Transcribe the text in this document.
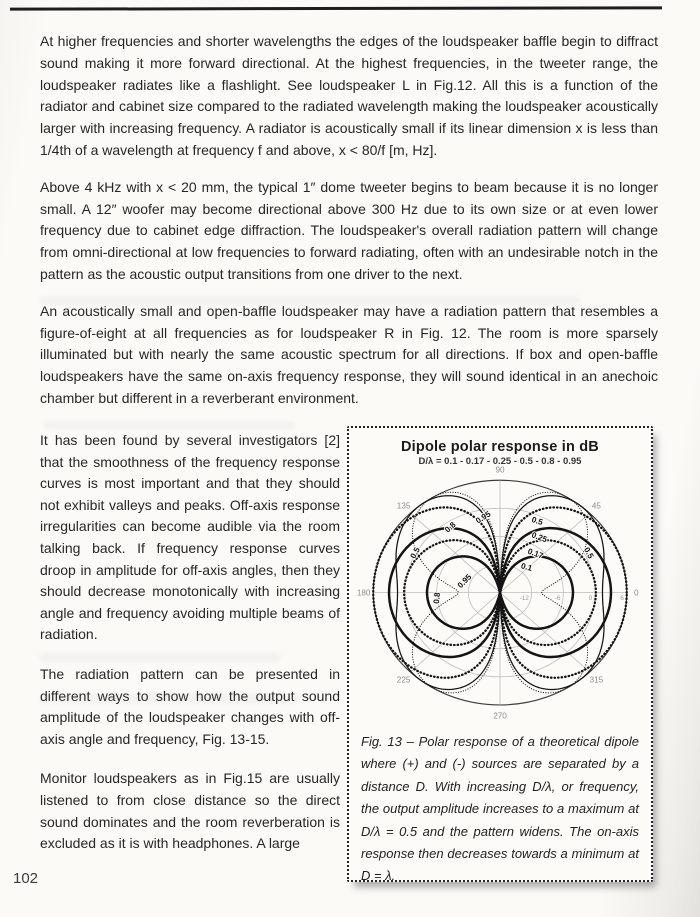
At higher frequencies and shorter wavelengths the edges of the loudspeaker baffle begin to diffract sound making it more forward directional. At the highest frequencies, in the tweeter range, the loudspeaker radiates like a flashlight. See loudspeaker L in Fig.12. All this is a function of the radiator and cabinet size compared to the radiated wavelength making the loudspeaker acoustically larger with increasing frequency. A radiator is acoustically small if its linear dimension x is less than 1/4th of a wavelength at frequency f and above, x < 80/f [m, Hz].

Above 4 kHz with x < 20 mm, the typical 1″ dome tweeter begins to beam because it is no longer small. A 12″ woofer may become directional above 300 Hz due to its own size or at even lower frequency due to cabinet edge diffraction. The loudspeaker's overall radiation pattern will change from omni-directional at low frequencies to forward radiating, often with an undesirable notch in the pattern as the acoustic output transitions from one driver to the next.

An acoustically small and open-baffle loudspeaker may have a radiation pattern that resembles a figure-of-eight at all frequencies as for loudspeaker R in Fig. 12. The room is more sparsely illuminated but with nearly the same acoustic spectrum for all directions. If box and open-baffle loudspeakers have the same on-axis frequency response, they will sound identical in an anechoic chamber but different in a reverberant environment.

It has been found by several investigators [2] that the smoothness of the frequency response curves is most important and that they should not exhibit valleys and peaks. Off-axis response irregularities can become audible via the room talking back. If frequency response curves droop in amplitude for off-axis angles, then they should decrease monotonically with increasing angle and frequency avoiding multiple beams of radiation.

The radiation pattern can be presented in different ways to show how the output sound amplitude of the loudspeaker changes with off-axis angle and frequency, Fig. 13-15.

Monitor loudspeakers as in Fig.15 are usually listened to from close distance so the direct sound dominates and the room reverberation is excluded as it is with headphones. A large

Dipole polar response in dB
D/λ = 0.1 - 0.17 - 0.25 - 0.5 - 0.8 - 0.95
0
45
90
135
180
225
270
315
-12	-6	0	6
0.8
0.95	0.5
0.25
0.17
0.1
0.5
0.5
0.8
0.95
Fig. 13 – Polar response of a theoretical dipole where (+) and (-) sources are separated by a distance D. With increasing D/λ, or frequency, the output amplitude increases to a maximum at D/λ = 0.5 and the pattern widens. The on-axis response then decreases towards a minimum at D = λ.
102
